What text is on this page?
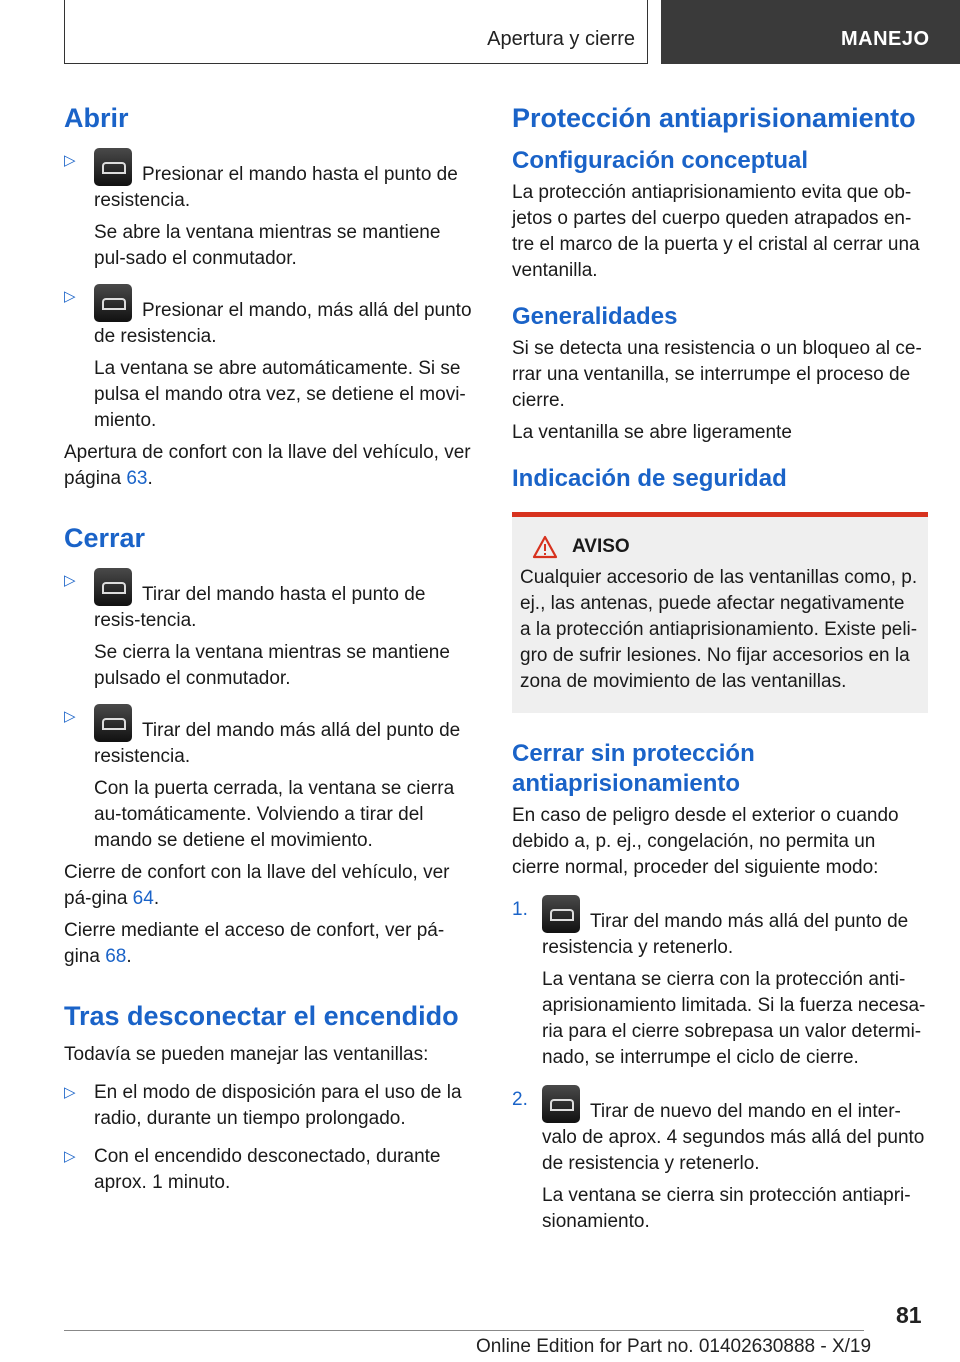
Apertura y cierre	MANEJO
Abrir
▷

Presionar el mando hasta el punto de resistencia.

Se abre la ventana mientras se mantiene pul‐sado el conmutador.

▷

Presionar el mando, más allá del punto de resistencia.

La ventana se abre automáticamente. Si se pulsa el mando otra vez, se detiene el movi‐miento.

Apertura de confort con la llave del vehículo, ver página 63.

Cerrar
▷

Tirar del mando hasta el punto de resis‐tencia.

Se cierra la ventana mientras se mantiene pulsado el conmutador.

▷

Tirar del mando más allá del punto de resistencia.

Con la puerta cerrada, la ventana se cierra au‐tomáticamente. Volviendo a tirar del mando se detiene el movimiento.

Cierre de confort con la llave del vehículo, ver pá‐gina 64.

Cierre mediante el acceso de confort, ver pá‐gina 68.

Tras desconectar el encendido

Todavía se pueden manejar las ventanillas:

▷ En el modo de disposición para el uso de la radio, durante un tiempo prolongado.

▷ Con el encendido desconectado, durante aprox. 1 minuto.

Protección antiaprisionamiento
Configuración conceptual

La protección antiaprisionamiento evita que ob‐jetos o partes del cuerpo queden atrapados en‐tre el marco de la puerta y el cristal al cerrar una ventanilla.

Generalidades

Si se detecta una resistencia o un bloqueo al ce‐rrar una ventanilla, se interrumpe el proceso de cierre.

La ventanilla se abre ligeramente

Indicación de seguridad
AVISO

Cualquier accesorio de las ventanillas como, p. ej., las antenas, puede afectar negativamente a la protección antiaprisionamiento. Existe peli‐gro de sufrir lesiones. No fijar accesorios en la zona de movimiento de las ventanillas.

Cerrar sin protección antiaprisionamiento

En caso de peligro desde el exterior o cuando debido a, p. ej., congelación, no permita un cierre normal, proceder del siguiente modo:

1.

Tirar del mando más allá del punto de resistencia y retenerlo.

La ventana se cierra con la protección anti‐aprisionamiento limitada. Si la fuerza necesa‐ria para el cierre sobrepasa un valor determi‐nado, se interrumpe el ciclo de cierre.

2.

Tirar de nuevo del mando en el inter‐valo de aprox. 4 segundos más allá del punto de resistencia y retenerlo.

La ventana se cierra sin protección antiapri‐sionamiento.

81
Online Edition for Part no. 01402630888 - X/19
